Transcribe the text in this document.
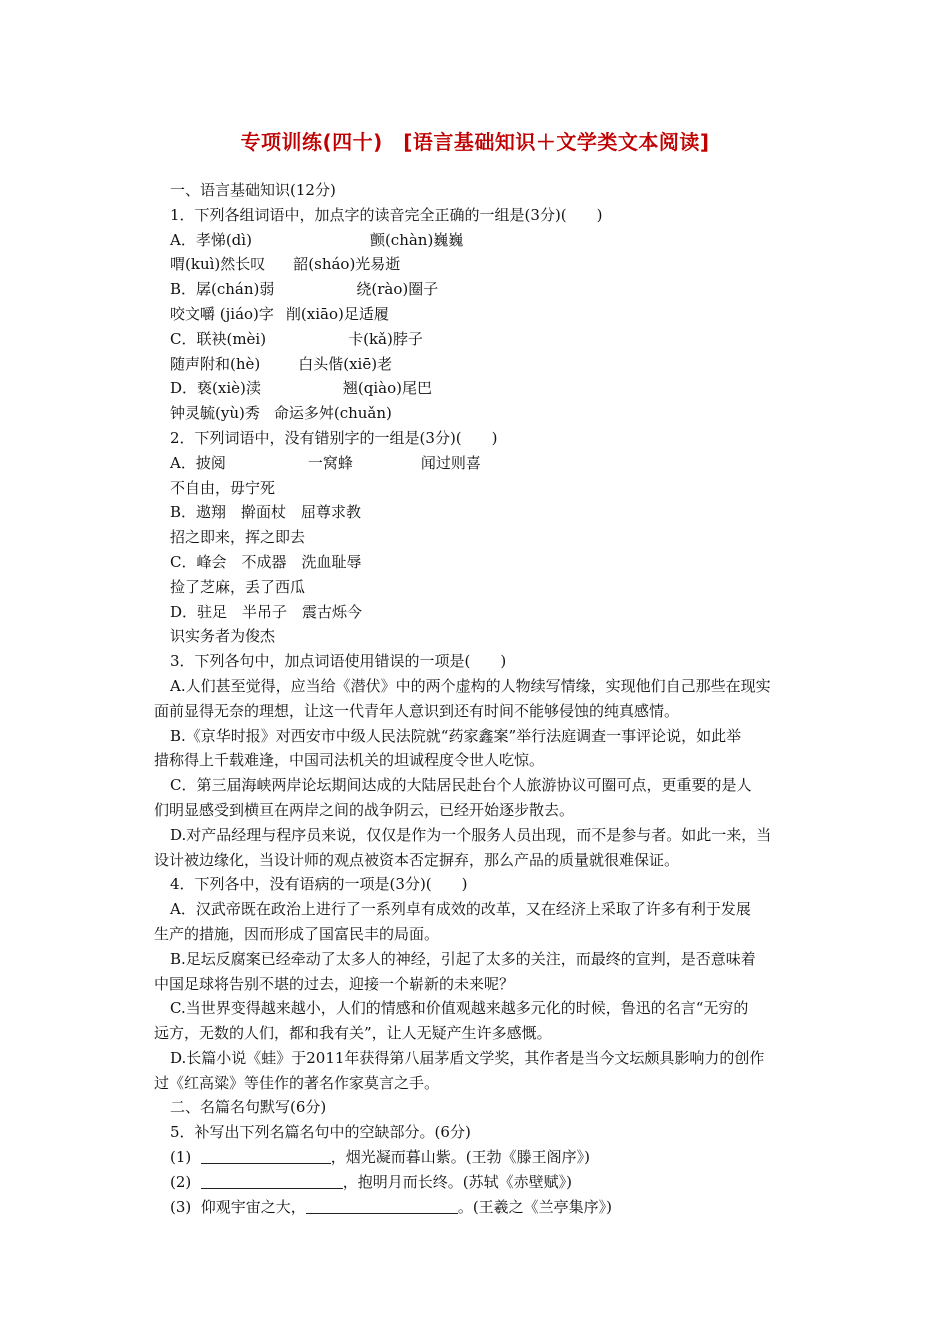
专项训练(四十)　[语言基础知识＋文学类文本阅读]
一、语言基础知识(12分)
1．下列各组词语中，加点字的读音完全正确的一组是(3分)(　　)
A．孝悌(dì)	颤(chàn)巍巍
喟(kuì)然长叹 韶(sháo)光易逝
B．孱(chán)弱	绕(rào)圈子
咬文嚼 (jiáo)字 削(xiāo)足适履
C．联袂(mèi)	卡(kǎ)脖子
随声附和(hè)	白头偕(xiē)老
D．亵(xiè)渎	翘(qiào)尾巴
钟灵毓(yù)秀 命运多舛(chuǎn)
2．下列词语中，没有错别字的一组是(3分)(　　)
A．披阅	一窝蜂	闻过则喜
不自由，毋宁死
B．遨翔　擀面杖　屈尊求教
招之即来，挥之即去
C．峰会　不成器　洗血耻辱
捡了芝麻，丢了西瓜
D．驻足　半吊子　震古烁今
识实务者为俊杰
3．下列各句中，加点词语使用错误的一项是(　　)
A.人们甚至觉得，应当给《潜伏》中的两个虚构的人物续写情缘，实现他们自己那些在现实
面前显得无奈的理想，让这一代青年人意识到还有时间不能够侵蚀的纯真感情。
B.《京华时报》对西安市中级人民法院就“药家鑫案”举行法庭调查一事评论说，如此举
措称得上千载难逢，中国司法机关的坦诚程度令世人吃惊。
C．第三届海峡两岸论坛期间达成的大陆居民赴台个人旅游协议可圈可点，更重要的是人
们明显感受到横亘在两岸之间的战争阴云，已经开始逐步散去。
D.对产品经理与程序员来说，仅仅是作为一个服务人员出现，而不是参与者。如此一来，当
设计被边缘化，当设计师的观点被资本否定摒弃，那么产品的质量就很难保证。
4．下列各中，没有语病的一项是(3分)(　　)
A．汉武帝既在政治上进行了一系列卓有成效的改革，又在经济上采取了许多有利于发展
生产的措施，因而形成了国富民丰的局面。
B.足坛反腐案已经牵动了太多人的神经，引起了太多的关注，而最终的宣判，是否意味着
中国足球将告别不堪的过去，迎接一个崭新的未来呢？
C.当世界变得越来越小，人们的情感和价值观越来越多元化的时候，鲁迅的名言“无穷的
远方，无数的人们，都和我有关”，让人无疑产生许多感慨。
D.长篇小说《蛙》于2011年获得第八届茅盾文学奖，其作者是当今文坛颇具影响力的创作
过《红高粱》等佳作的著名作家莫言之手。
二、名篇名句默写(6分)
5．补写出下列名篇名句中的空缺部分。(6分)
(1)	，烟光凝而暮山紫。(王勃《滕王阁序》)
(2)	，抱明月而长终。(苏轼《赤壁赋》)
(3) 仰观宇宙之大，	。(王羲之《兰亭集序》)
